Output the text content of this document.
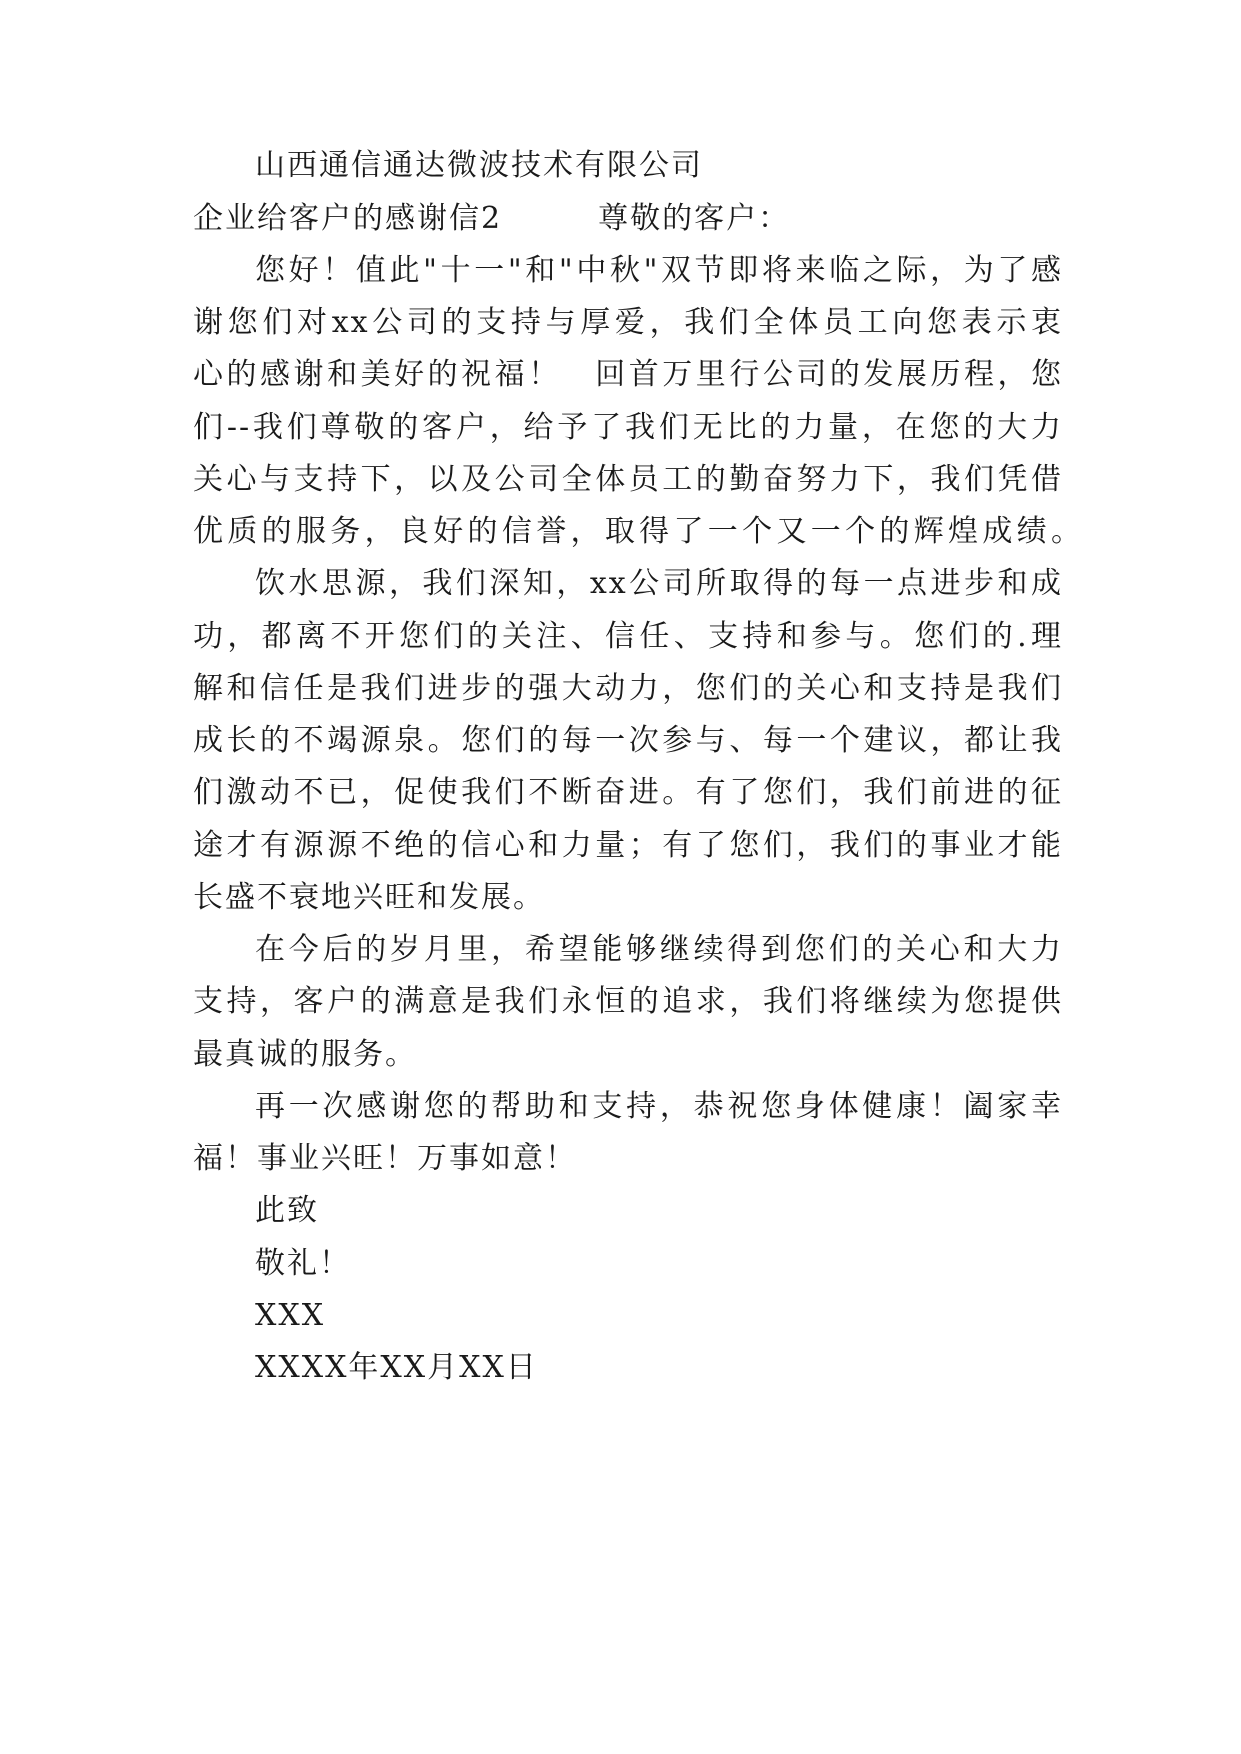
山西通信通达微波技术有限公司
企业给客户的感谢信2　　　尊敬的客户：
您好！值此"十一"和"中秋"双节即将来临之际，为了感
谢您们对xx公司的支持与厚爱，我们全体员工向您表示衷
心的感谢和美好的祝福！　回首万里行公司的发展历程，您
们--我们尊敬的客户，给予了我们无比的力量，在您的大力
关心与支持下，以及公司全体员工的勤奋努力下，我们凭借
优质的服务，良好的信誉，取得了一个又一个的辉煌成绩。
饮水思源，我们深知，xx公司所取得的每一点进步和成
功，都离不开您们的关注、信任、支持和参与。您们的.理
解和信任是我们进步的强大动力，您们的关心和支持是我们
成长的不竭源泉。您们的每一次参与、每一个建议，都让我
们激动不已，促使我们不断奋进。有了您们，我们前进的征
途才有源源不绝的信心和力量；有了您们，我们的事业才能
长盛不衰地兴旺和发展。
在今后的岁月里，希望能够继续得到您们的关心和大力
支持，客户的满意是我们永恒的追求，我们将继续为您提供
最真诚的服务。
再一次感谢您的帮助和支持，恭祝您身体健康！阖家幸
福！事业兴旺！万事如意！
此致
敬礼！
XXX
XXXX年XX月XX日
